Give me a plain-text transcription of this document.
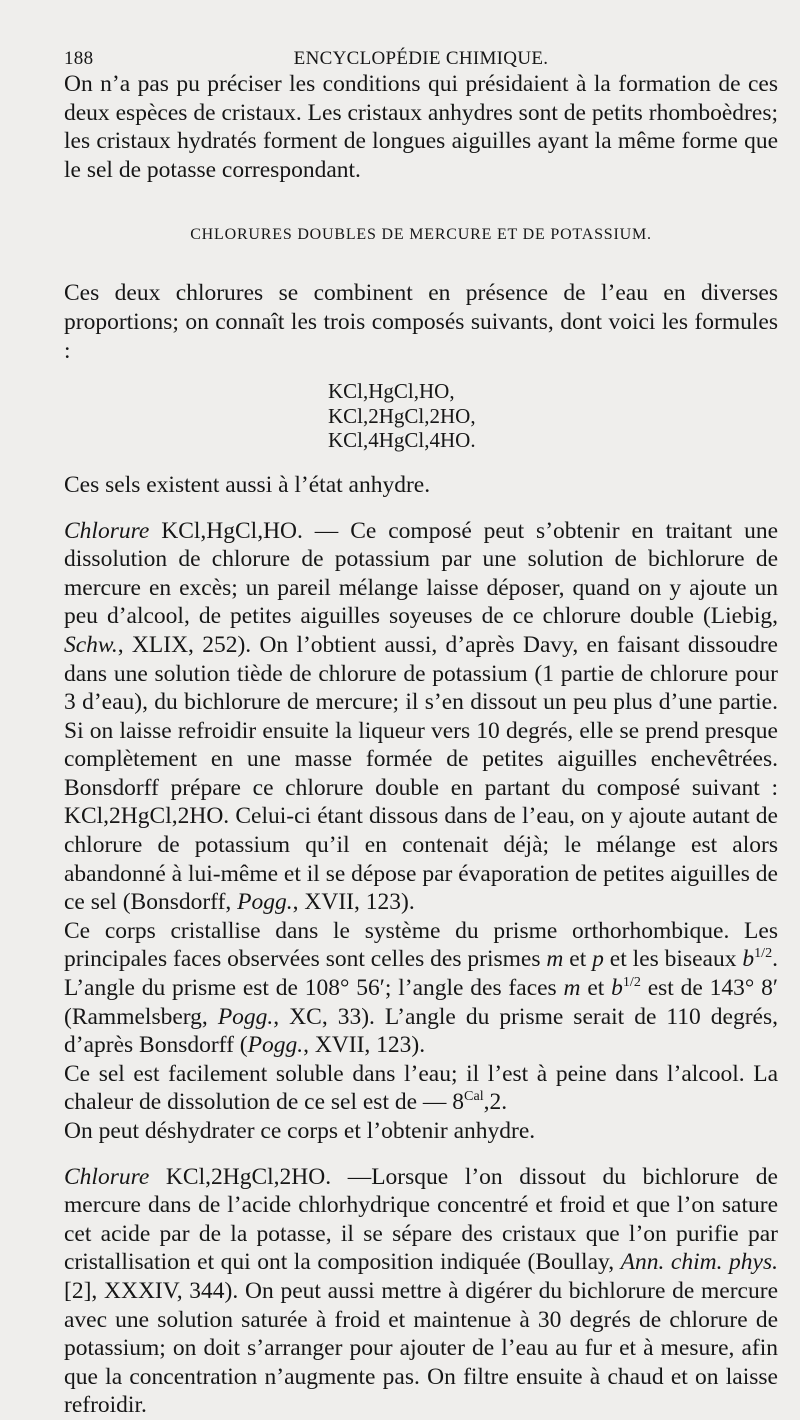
188	ENCYCLOPÉDIE CHIMIQUE.

On n’a pas pu préciser les conditions qui présidaient à la formation de ces deux espèces de cristaux. Les cristaux anhydres sont de petits rhomboèdres; les cristaux hydratés forment de longues aiguilles ayant la même forme que le sel de potasse correspondant.

CHLORURES DOUBLES DE MERCURE ET DE POTASSIUM.

Ces deux chlorures se combinent en présence de l’eau en diverses proportions; on connaît les trois composés suivants, dont voici les formules :

KCl,HgCl,HO,
KCl,2HgCl,2HO,
KCl,4HgCl,4HO.

Ces sels existent aussi à l’état anhydre.

Chlorure KCl,HgCl,HO. — Ce composé peut s’obtenir en traitant une dissolution de chlorure de potassium par une solution de bichlorure de mercure en excès; un pareil mélange laisse déposer, quand on y ajoute un peu d’alcool, de petites aiguilles soyeuses de ce chlorure double (Liebig, Schw., XLIX, 252). On l’obtient aussi, d’après Davy, en faisant dissoudre dans une solution tiède de chlorure de potassium (1 partie de chlorure pour 3 d’eau), du bichlorure de mercure; il s’en dissout un peu plus d’une partie. Si on laisse refroidir ensuite la liqueur vers 10 degrés, elle se prend presque complètement en une masse formée de petites aiguilles enchevêtrées. Bonsdorff prépare ce chlorure double en partant du composé suivant : KCl,2HgCl,2HO. Celui-ci étant dissous dans de l’eau, on y ajoute autant de chlorure de potassium qu’il en contenait déjà; le mélange est alors abandonné à lui-même et il se dépose par évaporation de petites aiguilles de ce sel (Bonsdorff, Pogg., XVII, 123).

Ce corps cristallise dans le système du prisme orthorhombique. Les principales faces observées sont celles des prismes m et p et les biseaux $b^{1/2}$. L’angle du prisme est de 108° 56′; l’angle des faces m et $b^{1/2}$ est de 143° 8′ (Rammelsberg, Pogg., XC, 33). L’angle du prisme serait de 110 degrés, d’après Bonsdorff (Pogg., XVII, 123).

Ce sel est facilement soluble dans l’eau; il l’est à peine dans l’alcool. La chaleur de dissolution de ce sel est de — $8^{Cal},2$.

On peut déshydrater ce corps et l’obtenir anhydre.

Chlorure KCl,2HgCl,2HO. —Lorsque l’on dissout du bichlorure de mercure dans de l’acide chlorhydrique concentré et froid et que l’on sature cet acide par de la potasse, il se sépare des cristaux que l’on purifie par cristallisation et qui ont la composition indiquée (Boullay, Ann. chim. phys. [2], XXXIV, 344). On peut aussi mettre à digérer du bichlorure de mercure avec une solution saturée à froid et maintenue à 30 degrés de chlorure de potassium; on doit s’arranger pour ajouter de l’eau au fur et à mesure, afin que la concentration n’augmente pas. On filtre ensuite à chaud et on laisse refroidir.
